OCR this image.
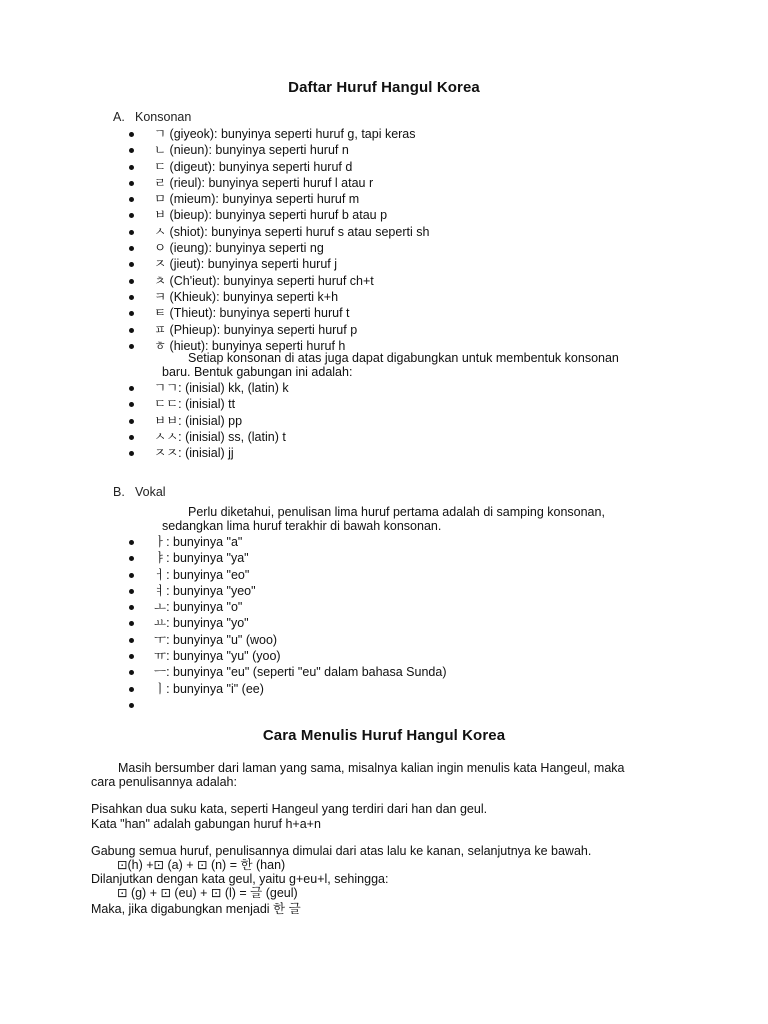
Daftar Huruf Hangul Korea
A. Konsonan
ㄱ (giyeok): bunyinya seperti huruf g, tapi keras
ㄴ (nieun): bunyinya seperti huruf n
ㄷ (digeut): bunyinya seperti huruf d
ㄹ (rieul): bunyinya seperti huruf l atau r
ㅁ (mieum): bunyinya seperti huruf m
ㅂ (bieup): bunyinya seperti huruf b atau p
ㅅ (shiot): bunyinya seperti huruf s atau seperti sh
ㅇ (ieung): bunyinya seperti ng
ㅈ (jieut): bunyinya seperti huruf j
ㅊ (Ch'ieut): bunyinya seperti huruf ch+t
ㅋ (Khieuk): bunyinya seperti k+h
ㅌ (Thieut): bunyinya seperti huruf t
ㅍ (Phieup): bunyinya seperti huruf p
ㅎ (hieut): bunyinya seperti huruf h
Setiap konsonan di atas juga dapat digabungkan untuk membentuk konsonan
baru. Bentuk gabungan ini adalah:
ㄱㄱ: (inisial) kk, (latin) k
ㄷㄷ: (inisial) tt
ㅂㅂ: (inisial) pp
ㅅㅅ: (inisial) ss, (latin) t
ㅈㅈ: (inisial) jj
B. Vokal
Perlu diketahui, penulisan lima huruf pertama adalah di samping konsonan,
sedangkan lima huruf terakhir di bawah konsonan.
ㅏ: bunyinya "a"
ㅑ: bunyinya "ya"
ㅓ: bunyinya "eo"
ㅕ: bunyinya "yeo"
ㅗ: bunyinya "o"
ㅛ: bunyinya "yo"
ㅜ: bunyinya "u" (woo)
ㅠ: bunyinya "yu" (yoo)
ㅡ: bunyinya "eu" (seperti "eu" dalam bahasa Sunda)
ㅣ: bunyinya "i" (ee)
Cara Menulis Huruf Hangul Korea
Masih bersumber dari laman yang sama, misalnya kalian ingin menulis kata Hangeul, maka
cara penulisannya adalah:
Pisahkan dua suku kata, seperti Hangeul yang terdiri dari han dan geul.
Kata "han" adalah gabungan huruf h+a+n
Gabung semua huruf, penulisannya dimulai dari atas lalu ke kanan, selanjutnya ke bawah.
⊡(h) +⊡ (a) + ⊡ (n) = 한 (han)
Dilanjutkan dengan kata geul, yaitu g+eu+l, sehingga:
⊡ (g) + ⊡ (eu) + ⊡ (l) = 글 (geul)
Maka, jika digabungkan menjadi 한 글
